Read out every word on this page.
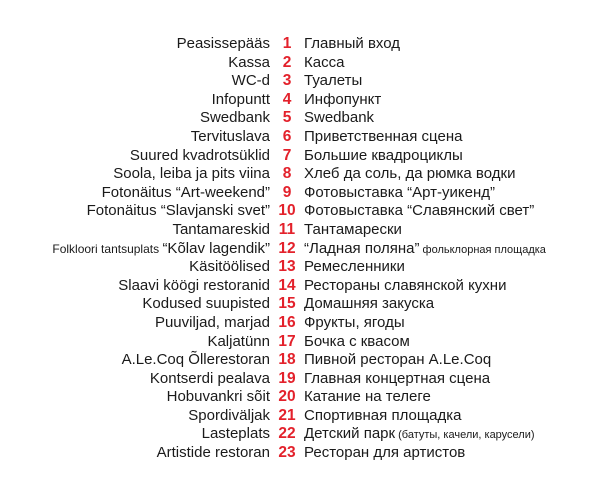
Peasissepääs 1 Главный вход
Kassa 2 Касса
WC-d 3 Туалеты
Infopuntt 4 Инфопункт
Swedbank 5 Swedbank
Tervituslava 6 Приветственная сцена
Suured kvadrotsüklid 7 Большие квадроциклы
Soola, leiba ja pits viina 8 Хлеб да соль, да рюмка водки
Fotonäitus “Art-weekend” 9 Фотовыставка “Арт-уикенд”
Fotonäitus “Slavjanski svet” 10 Фотовыставка “Славянский свет”
Tantamareskid 11 Тантамарески
Folkloori tantsuplats “Kõlav lagendik” 12 “Ладная поляна” фольклорная площадка
Käsitöölised 13 Ремесленники
Slaavi köögi restoranid 14 Рестораны славянской кухни
Kodused suupisted 15 Домашняя закуска
Puuviljad, marjad 16 Фрукты, ягоды
Kaljatünn 17 Бочка с квасом
A.Le.Coq Õllerestoran 18 Пивной ресторан A.Le.Coq
Kontserdi pealava 19 Главная концертная сцена
Hobuvankri sõit 20 Катание на телеге
Spordiväljak 21 Спортивная площадка
Lasteplats 22 Детский парк (батуты, качели, карусели)
Artistide restoran 23 Ресторан для артистов
